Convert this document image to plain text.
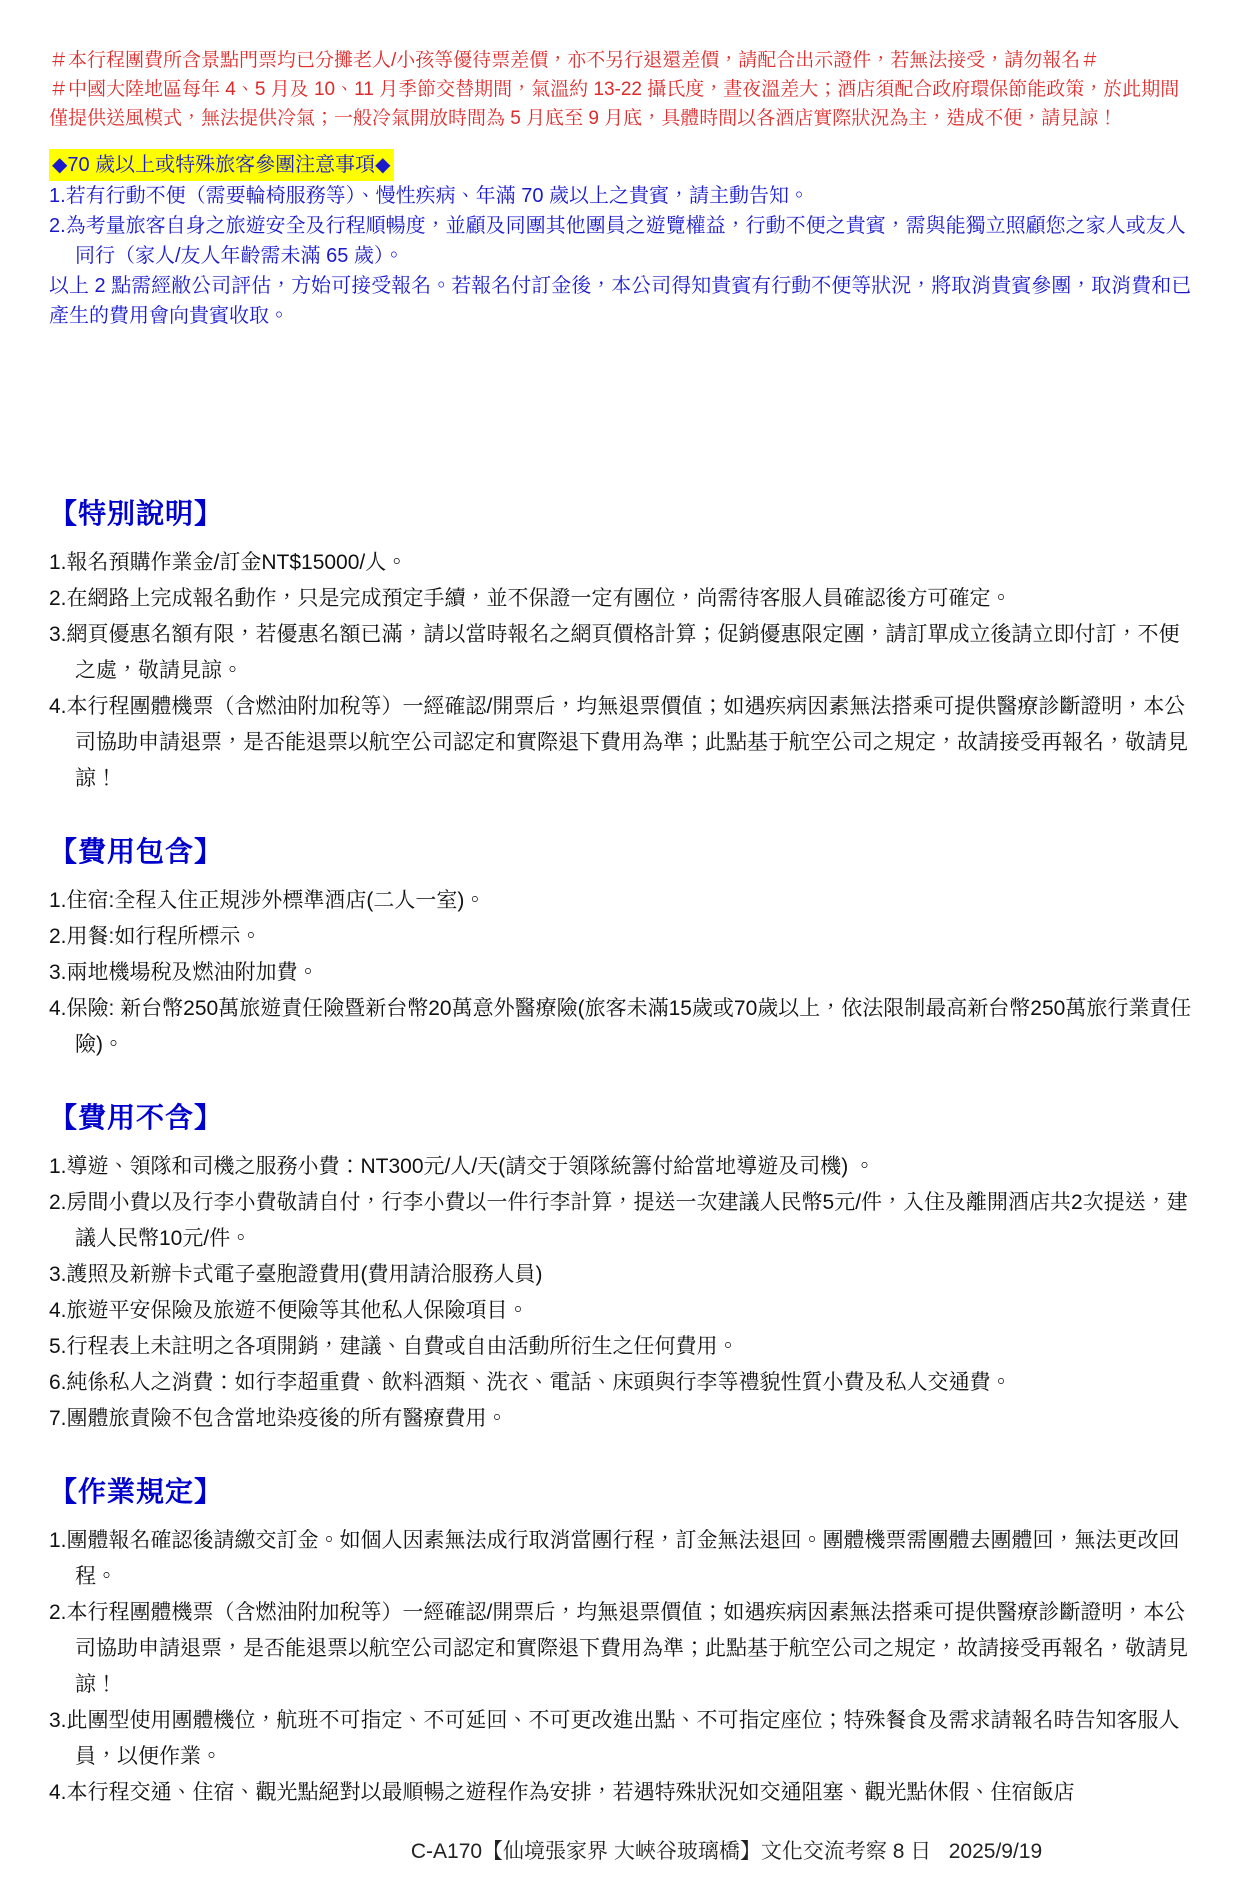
＃本行程團費所含景點門票均已分攤老人/小孩等優待票差價，亦不另行退還差價，請配合出示證件，若無法接受，請勿報名＃

＃中國大陸地區每年 4、5 月及 10、11 月季節交替期間，氣溫約 13-22 攝氏度，晝夜溫差大；酒店須配合政府環保節能政策，於此期間僅提供送風模式，無法提供冷氣；一般冷氣開放時間為 5 月底至 9 月底，具體時間以各酒店實際狀況為主，造成不便，請見諒！

◆70 歲以上或特殊旅客參團注意事項◆

1.若有行動不便（需要輪椅服務等）、慢性疾病、年滿 70 歲以上之貴賓，請主動告知。

2.為考量旅客自身之旅遊安全及行程順暢度，並顧及同團其他團員之遊覽權益，行動不便之貴賓，需與能獨立照顧您之家人或友人同行（家人/友人年齡需未滿 65 歲）。

以上 2 點需經敝公司評估，方始可接受報名。若報名付訂金後，本公司得知貴賓有行動不便等狀況，將取消貴賓參團，取消費和已產生的費用會向貴賓收取。

【特別說明】

1.報名預購作業金/訂金NT$15000/人。

2.在網路上完成報名動作，只是完成預定手續，並不保證一定有團位，尚需待客服人員確認後方可確定。

3.網頁優惠名額有限，若優惠名額已滿，請以當時報名之網頁價格計算；促銷優惠限定團，請訂單成立後請立即付訂，不便之處，敬請見諒。

4.本行程團體機票（含燃油附加稅等）一經確認/開票后，均無退票價值；如遇疾病因素無法搭乘可提供醫療診斷證明，本公司協助申請退票，是否能退票以航空公司認定和實際退下費用為準；此點基于航空公司之規定，故請接受再報名，敬請見諒！

【費用包含】

1.住宿:全程入住正規涉外標準酒店(二人一室)。

2.用餐:如行程所標示。

3.兩地機場稅及燃油附加費。

4.保險: 新台幣250萬旅遊責任險暨新台幣20萬意外醫療險(旅客未滿15歲或70歲以上，依法限制最高新台幣250萬旅行業責任險)。

【費用不含】

1.導遊、領隊和司機之服務小費：NT300元/人/天(請交于領隊統籌付給當地導遊及司機) 。

2.房間小費以及行李小費敬請自付，行李小費以一件行李計算，提送一次建議人民幣5元/件，入住及離開酒店共2次提送，建議人民幣10元/件。

3.護照及新辦卡式電子臺胞證費用(費用請洽服務人員)

4.旅遊平安保險及旅遊不便險等其他私人保險項目。

5.行程表上未註明之各項開銷，建議、自費或自由活動所衍生之任何費用。

6.純係私人之消費：如行李超重費、飲料酒類、洗衣、電話、床頭與行李等禮貌性質小費及私人交通費。

7.團體旅責險不包含當地染疫後的所有醫療費用。

【作業規定】

1.團體報名確認後請繳交訂金。如個人因素無法成行取消當團行程，訂金無法退回。團體機票需團體去團體回，無法更改回程。

2.本行程團體機票（含燃油附加稅等）一經確認/開票后，均無退票價值；如遇疾病因素無法搭乘可提供醫療診斷證明，本公司協助申請退票，是否能退票以航空公司認定和實際退下費用為準；此點基于航空公司之規定，故請接受再報名，敬請見諒！

3.此團型使用團體機位，航班不可指定、不可延回、不可更改進出點、不可指定座位；特殊餐食及需求請報名時告知客服人員，以便作業。

4.本行程交通、住宿、觀光點絕對以最順暢之遊程作為安排，若遇特殊狀況如交通阻塞、觀光點休假、住宿飯店

C-A170【仙境張家界 大峽谷玻璃橋】文化交流考察 8 日   2025/9/19
